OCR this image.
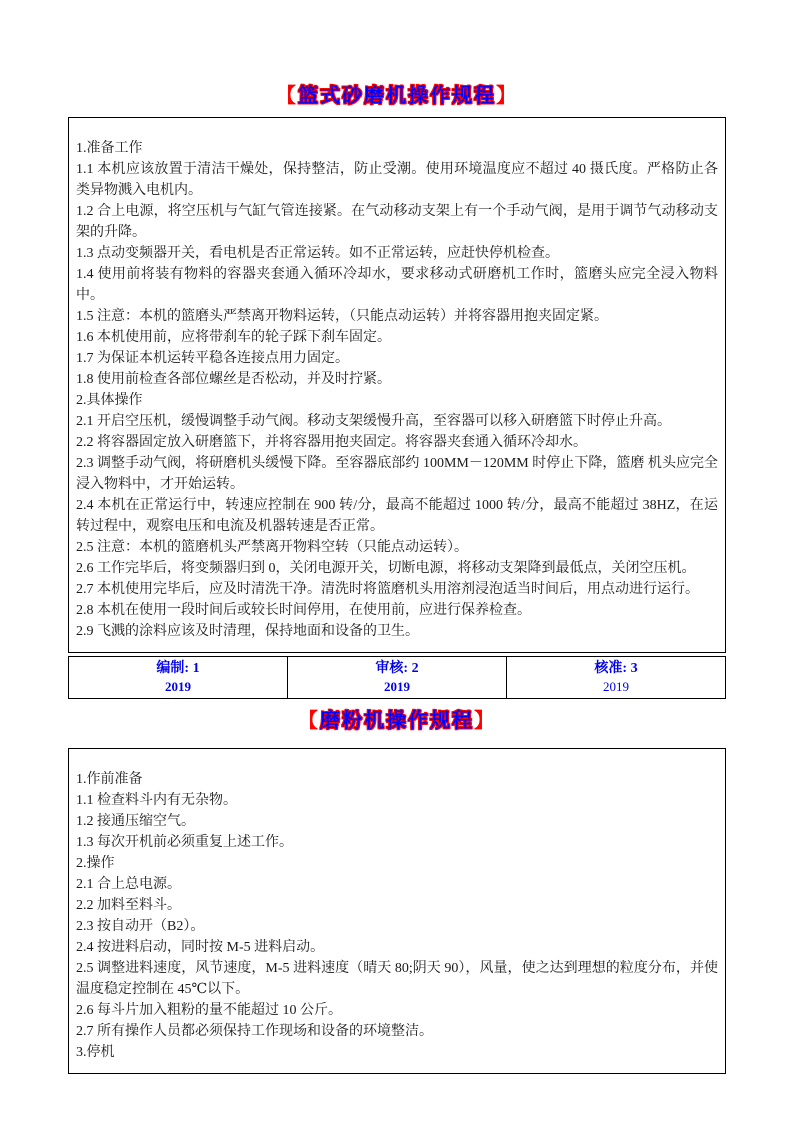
【篮式砂磨机操作规程】

1.准备工作

1.1 本机应该放置于清洁干燥处，保持整洁，防止受潮。使用环境温度应不超过 40 摄氏度。严格防止各类异物溅入电机内。

1.2 合上电源，将空压机与气缸气管连接紧。在气动移动支架上有一个手动气阀，是用于调节气动移动支架的升降。

1.3 点动变频器开关，看电机是否正常运转。如不正常运转，应赶快停机检查。

1.4 使用前将装有物料的容器夹套通入循环冷却水，要求移动式研磨机工作时，篮磨头应完全浸入物料中。

1.5 注意：本机的篮磨头严禁离开物料运转，（只能点动运转）并将容器用抱夹固定紧。

1.6 本机使用前，应将带刹车的轮子踩下刹车固定。

1.7 为保证本机运转平稳各连接点用力固定。

1.8 使用前检查各部位螺丝是否松动，并及时拧紧。

2.具体操作

2.1 开启空压机，缓慢调整手动气阀。移动支架缓慢升高，至容器可以移入研磨篮下时停止升高。

2.2 将容器固定放入研磨篮下，并将容器用抱夹固定。将容器夹套通入循环冷却水。

2.3 调整手动气阀，将研磨机头缓慢下降。至容器底部约 100MM－120MM 时停止下降，篮磨 机头应完全浸入物料中，才开始运转。

2.4 本机在正常运行中，转速应控制在 900 转/分，最高不能超过 1000 转/分，最高不能超过 38HZ，在运转过程中，观察电压和电流及机器转速是否正常。

2.5 注意：本机的篮磨机头严禁离开物料空转（只能点动运转）。

2.6 工作完毕后，将变频器归到 0，关闭电源开关，切断电源，将移动支架降到最低点，关闭空压机。

2.7 本机使用完毕后，应及时清洗干净。清洗时将篮磨机头用溶剂浸泡适当时间后，用点动进行运行。

2.8 本机在使用一段时间后或较长时间停用，在使用前，应进行保养检查。

2.9 飞溅的涂料应该及时清理，保持地面和设备的卫生。

编制: 1
2019
审核: 2
2019
核准: 3
2019
【磨粉机操作规程】

1.作前准备

1.1 检查料斗内有无杂物。

1.2 接通压缩空气。

1.3 每次开机前必须重复上述工作。

2.操作

2.1 合上总电源。

2.2 加料至料斗。

2.3 按自动开（B2）。

2.4 按进料启动，同时按 M-5 进料启动。

2.5 调整进料速度，风节速度，M-5 进料速度（晴天 80;阴天 90），风量，使之达到理想的粒度分布，并使温度稳定控制在 45℃以下。

2.6 每斗片加入粗粉的量不能超过 10 公斤。

2.7 所有操作人员都必须保持工作现场和设备的环境整洁。

3.停机
